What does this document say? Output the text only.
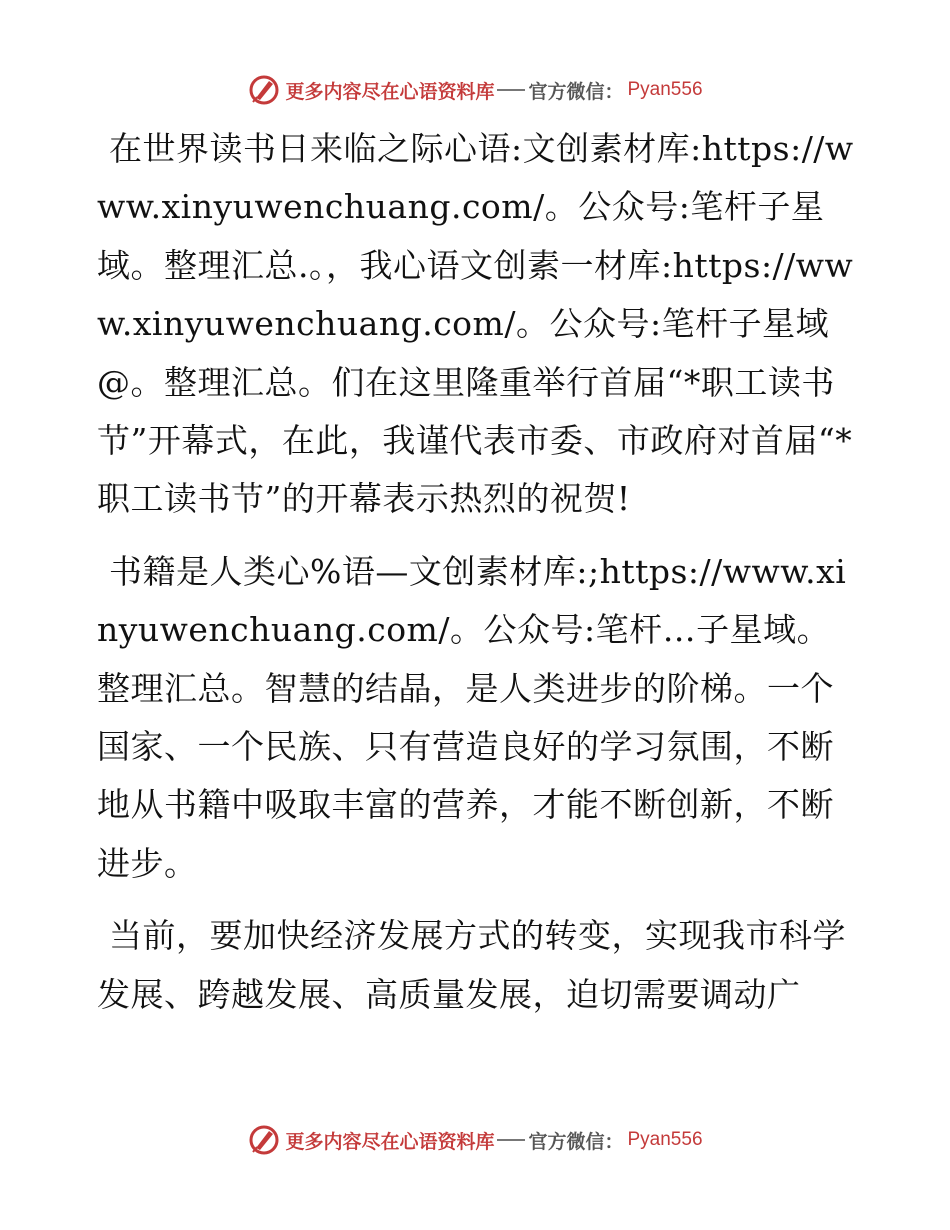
更多内容尽在心语资料库 官方微信： Pyan556

在世界读书日来临之际心语:文创素材库:https://www.xinyuwenchuang.com/。公众号:笔杆子星域。整理汇总.。，我心语文创素一材库:https://www.xinyuwenchuang.com/。公众号:笔杆子星域@。整理汇总。们在这里隆重举行首届“*职工读书节”开幕式，在此，我谨代表市委、市政府对首届“*职工读书节”的开幕表示热烈的祝贺!

书籍是人类心%语—文创素材库:;https://www.xinyuwenchuang.com/。公众号:笔杆…子星域。整理汇总。智慧的结晶，是人类进步的阶梯。一个国家、一个民族、只有营造良好的学习氛围，不断地从书籍中吸取丰富的营养，才能不断创新，不断进步。

当前，要加快经济发展方式的转变，实现我市科学发展、跨越发展、高质量发展，迫切需要调动广

更多内容尽在心语资料库 官方微信： Pyan556
